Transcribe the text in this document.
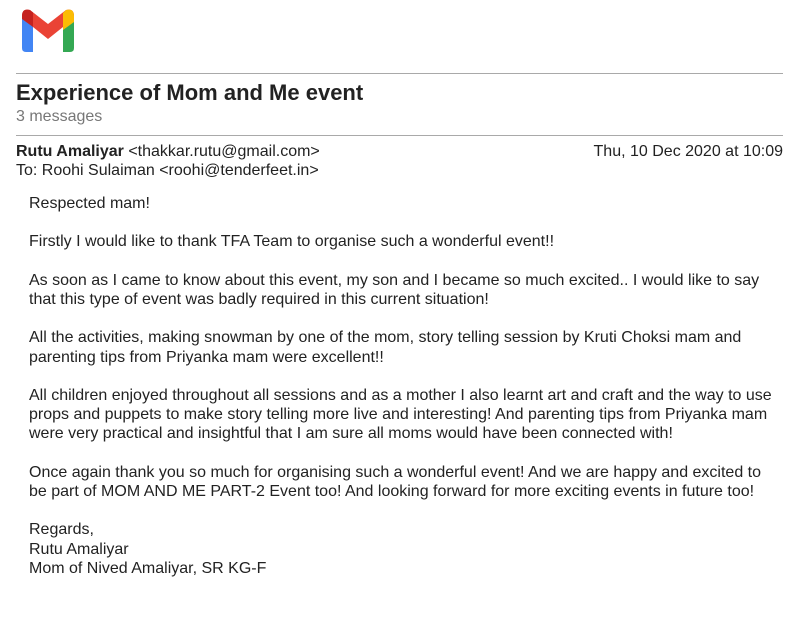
Experience of Mom and Me event
3 messages
Rutu Amaliyar <thakkar.rutu@gmail.com>	Thu, 10 Dec 2020 at 10:09
To: Roohi Sulaiman <roohi@tenderfeet.in>

Respected mam!

Firstly I would like to thank TFA Team to organise such a wonderful event!!

As soon as I came to know about this event, my son and I became so much excited.. I would like to say that this type of event was badly required in this current situation!

All the activities, making snowman by one of the mom, story telling session by Kruti Choksi mam and parenting tips from Priyanka mam were excellent!!

All children enjoyed throughout all sessions and as a mother I also learnt art and craft and the way to use props and puppets to make story telling more live and interesting! And parenting tips from Priyanka mam were very practical and insightful that I am sure all moms would have been connected with!

Once again thank you so much for organising such a wonderful event! And we are happy and excited to be part of MOM AND ME PART-2 Event too! And looking forward for more exciting events in future too!

Regards,

Rutu Amaliyar

Mom of Nived Amaliyar, SR KG-F
